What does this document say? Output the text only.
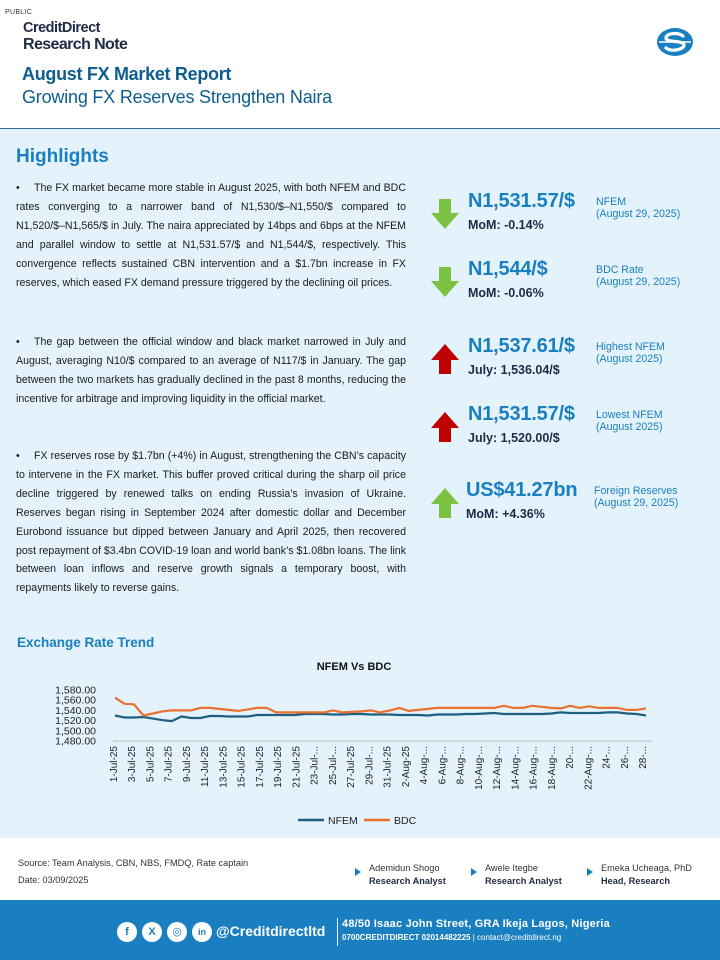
PUBLIC
CreditDirect
Research Note
August FX Market Report
Growing FX Reserves Strengthen Naira
Highlights
•	The FX market became more stable in August 2025, with both NFEM and BDC rates converging to a narrower band of N1,530/$–N1,550/$ compared to N1,520/$–N1,565/$ in July. The naira appreciated by 14bps and 6bps at the NFEM and parallel window to settle at N1,531.57/$ and N1,544/$, respectively. This convergence reflects sustained CBN intervention and a $1.7bn increase in FX reserves, which eased FX demand pressure triggered by the declining oil prices.

•	The gap between the official window and black market narrowed in July and August, averaging N10/$ compared to an average of N117/$ in January. The gap between the two markets has gradually declined in the past 8 months, reducing the incentive for arbitrage and improving liquidity in the official market.

•	FX reserves rose by $1.7bn (+4%) in August, strengthening the CBN’s capacity to intervene in the FX market. This buffer proved critical during the sharp oil price decline triggered by renewed talks on ending Russia’s invasion of Ukraine. Reserves began rising in September 2024 after domestic dollar and December Eurobond issuance but dipped between January and April 2025, then recovered post repayment of $3.4bn COVID-19 loan and world bank’s $1.08bn loans. The link between loan inflows and reserve growth signals a temporary boost, with repayments likely to reverse gains.

N1,531.57/$
MoM: -0.14%
NFEM
(August 29, 2025)
N1,544/$
MoM: -0.06%
BDC Rate
(August 29, 2025)
N1,537.61/$
July: 1,536.04/$
Highest NFEM
(August 2025)
N1,531.57/$
July: 1,520.00/$
Lowest NFEM
(August 2025)
US$41.27bn
MoM: +4.36%
Foreign Reserves
(August 29, 2025)
Exchange Rate Trend
NFEM Vs BDC
1,580.00
1,560.00
1,540.00
1,520.00
1,500.00
1,480.00
1-Jul-25 3-Jul-25 5-Jul-25 7-Jul-25 9-Jul-25 11-Jul-25 13-Jul-25 15-Jul-25 17-Jul-25 19-Jul-25 21-Jul-25 23-Jul-... 25-Jul-... 27-Jul-25 29-Jul-... 31-Jul-25 2-Aug-25 4-Aug-... 6-Aug-... 8-Aug-... 10-Aug-... 12-Aug-... 14-Aug-... 16-Aug-... 18-Aug-... 20-... 22-Aug-... 24-... 26-... 28-...
NFEM	BDC
Source: Team Analysis, CBN, NBS, FMDQ, Rate captain
Date: 03/09/2025
Ademidun Shogo
Research Analyst
Awele Itegbe
Research Analyst
Emeka Ucheaga, PhD
Head, Research
f	X	◎	in @Creditdirectltd 48/50 Isaac John Street, GRA Ikeja Lagos, Nigeria
0700CREDITDIRECT 02014482225 | contact@creditdirect.ng
